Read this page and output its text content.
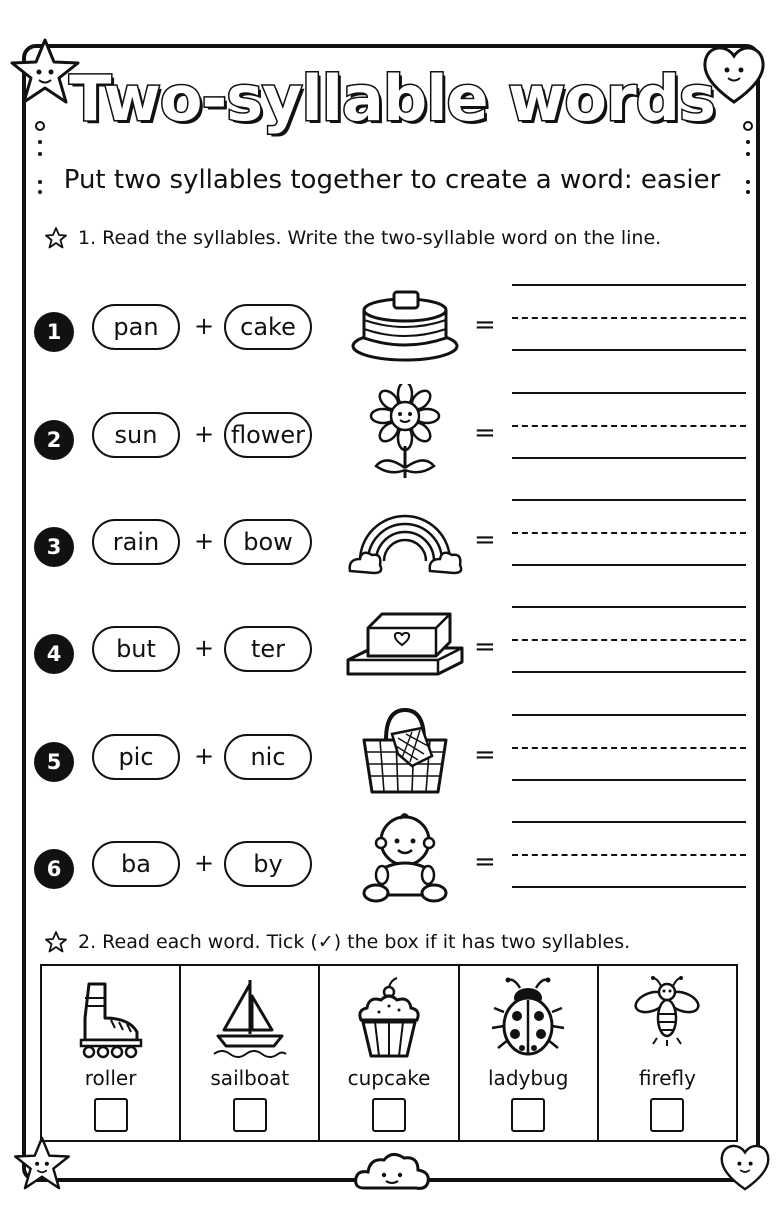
Two-syllable words
Put two syllables together to create a word: easier
1. Read the syllables. Write the two-syllable word on the line.
1	pan	+	cake	=
2	sun	+ flower	=
3	rain	+	bow	=
4	but	+	ter	=
5	pic	+	nic	=
6	ba	+	by	=
2. Read each word. Tick (✓) the box if it has two syllables.
roller	sailboat	cupcake	ladybug	firefly
